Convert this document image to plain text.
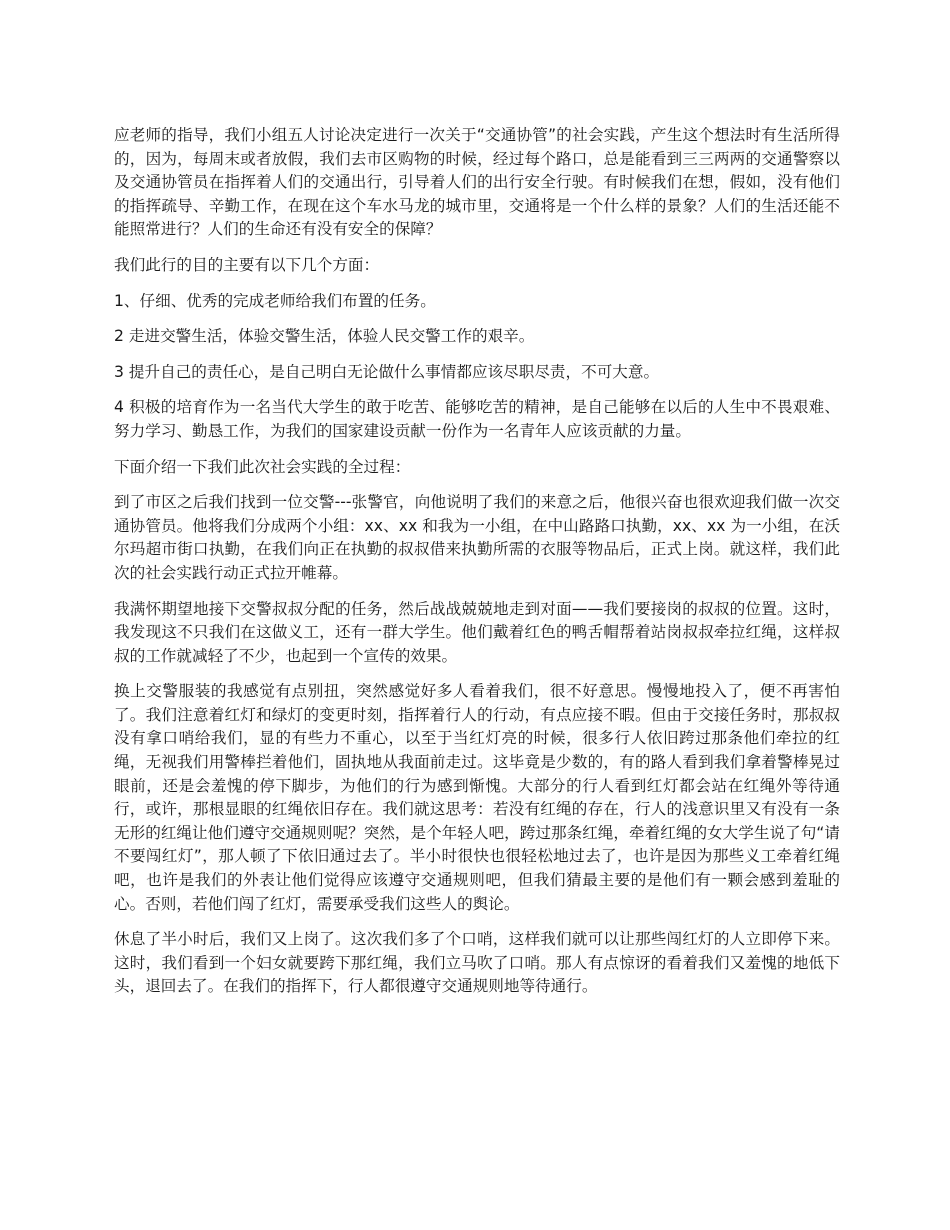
应老师的指导，我们小组五人讨论决定进行一次关于“交通协管”的社会实践，产生这个想法时有生活所得的，因为，每周末或者放假，我们去市区购物的时候，经过每个路口，总是能看到三三两两的交通警察以及交通协管员在指挥着人们的交通出行，引导着人们的出行安全行驶。有时候我们在想，假如，没有他们的指挥疏导、辛勤工作，在现在这个车水马龙的城市里，交通将是一个什么样的景象？人们的生活还能不能照常进行？人们的生命还有没有安全的保障？

我们此行的目的主要有以下几个方面：

1、仔细、优秀的完成老师给我们布置的任务。

2 走进交警生活，体验交警生活，体验人民交警工作的艰辛。

3 提升自己的责任心，是自己明白无论做什么事情都应该尽职尽责，不可大意。

4 积极的培育作为一名当代大学生的敢于吃苦、能够吃苦的精神，是自己能够在以后的人生中不畏艰难、努力学习、勤恳工作，为我们的国家建设贡献一份作为一名青年人应该贡献的力量。

下面介绍一下我们此次社会实践的全过程：

到了市区之后我们找到一位交警---张警官，向他说明了我们的来意之后，他很兴奋也很欢迎我们做一次交通协管员。他将我们分成两个小组：xx、xx 和我为一小组，在中山路路口执勤，xx、xx 为一小组，在沃尔玛超市街口执勤，在我们向正在执勤的叔叔借来执勤所需的衣服等物品后，正式上岗。就这样，我们此次的社会实践行动正式拉开帷幕。

我满怀期望地接下交警叔叔分配的任务，然后战战兢兢地走到对面——我们要接岗的叔叔的位置。这时，我发现这不只我们在这做义工，还有一群大学生。他们戴着红色的鸭舌帽帮着站岗叔叔牵拉红绳，这样叔叔的工作就减轻了不少，也起到一个宣传的效果。

换上交警服装的我感觉有点别扭，突然感觉好多人看着我们，很不好意思。慢慢地投入了，便不再害怕了。我们注意着红灯和绿灯的变更时刻，指挥着行人的行动，有点应接不暇。但由于交接任务时，那叔叔没有拿口哨给我们，显的有些力不重心，以至于当红灯亮的时候，很多行人依旧跨过那条他们牵拉的红绳，无视我们用警棒拦着他们，固执地从我面前走过。这毕竟是少数的，有的路人看到我们拿着警棒晃过眼前，还是会羞愧的停下脚步，为他们的行为感到惭愧。大部分的行人看到红灯都会站在红绳外等待通行，或许，那根显眼的红绳依旧存在。我们就这思考：若没有红绳的存在，行人的浅意识里又有没有一条无形的红绳让他们遵守交通规则呢？突然，是个年轻人吧，跨过那条红绳，牵着红绳的女大学生说了句“请不要闯红灯”，那人顿了下依旧通过去了。半小时很快也很轻松地过去了，也许是因为那些义工牵着红绳吧，也许是我们的外表让他们觉得应该遵守交通规则吧，但我们猜最主要的是他们有一颗会感到羞耻的心。否则，若他们闯了红灯，需要承受我们这些人的舆论。

休息了半小时后，我们又上岗了。这次我们多了个口哨，这样我们就可以让那些闯红灯的人立即停下来。这时，我们看到一个妇女就要跨下那红绳，我们立马吹了口哨。那人有点惊讶的看着我们又羞愧的地低下头，退回去了。在我们的指挥下，行人都很遵守交通规则地等待通行。
